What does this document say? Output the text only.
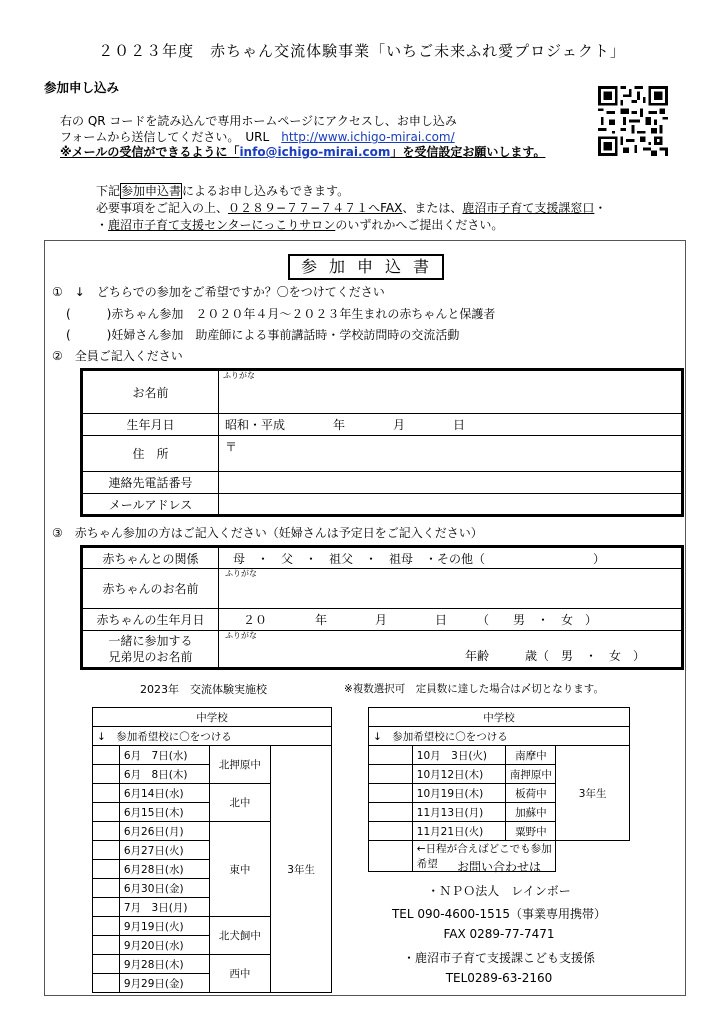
２０２３年度　赤ちゃん交流体験事業「いちご未来ふれ愛プロジェクト」
参加申し込み
右の QR コードを読み込んで専用ホームページにアクセスし、お申し込み
フォームから送信してください。　URL　http://www.ichigo-mirai.com/
※メールの受信ができるように「info@ichigo-mirai.com」を受信設定お願いします。
下記参加申込書によるお申し込みもできます。
必要事項をご記入の上、０２８９−７７−７４７１へFAX、または、鹿沼市子育て支援課窓口・
・鹿沼市子育て支援センターにっこりサロンのいずれかへご提出ください。
参加申込書
①　↓　どちらでの参加をご希望ですか？〇をつけてください
(　　　)赤ちゃん参加　２０２０年４月〜２０２３年生まれの赤ちゃんと保護者
(　　　)妊婦さん参加　助産師による事前講話時・学校訪問時の交流活動
②　全員ご記入ください
お名前	ふりがな

生年月日	昭和・平成　　　　年　　　　月　　　　日
住　所	〒
連絡先電話番号	
メールアドレス	
③　赤ちゃん参加の方はご記入ください（妊婦さんは予定日をご記入ください）
赤ちゃんとの関係	母　・　父　・　祖父　・　祖母　・その他（　　　　　　　　　）
赤ちゃんのお名前	ふりがな

赤ちゃんの生年月日	２０　　　　年　　　　月　　　　日　　　（　　男　・　女　）
一緒に参加する
兄弟児のお名前	ふりがな
年齢　　　歳（　男　・　女　）
2023年　交流体験実施校	※複数選択可　定員数に達した場合は〆切となります。
中学校			
↓　参加希望校に〇をつける			
	6月　7日(水)	北押原中	3年生
	6月　8日(木)		
	6月14日(水)	北中	
	6月15日(木)		
	6月26日(月)	東中	
	6月27日(火)		
	6月28日(水)		
	6月30日(金)		
	7月　3日(月)		
	9月19日(火)	北犬飼中	
	9月20日(水)		
	9月28日(木)	西中	
	9月29日(金)		
中学校			
↓　参加希望校に〇をつける			
	10月　3日(火)	南摩中	3年生
	10月12日(木)	南押原中	
	10月19日(木)	板荷中	
	11月13日(月)	加蘇中	
	11月21日(火)	粟野中	
	←日程が合えばどこでも参加希望			お問い合わせは
・ＮＰＯ法人　レインボー
TEL 090-4600-1515（事業専用携帯）
FAX 0289-77-7471
・鹿沼市子育て支援課こども支援係
TEL0289-63-2160
